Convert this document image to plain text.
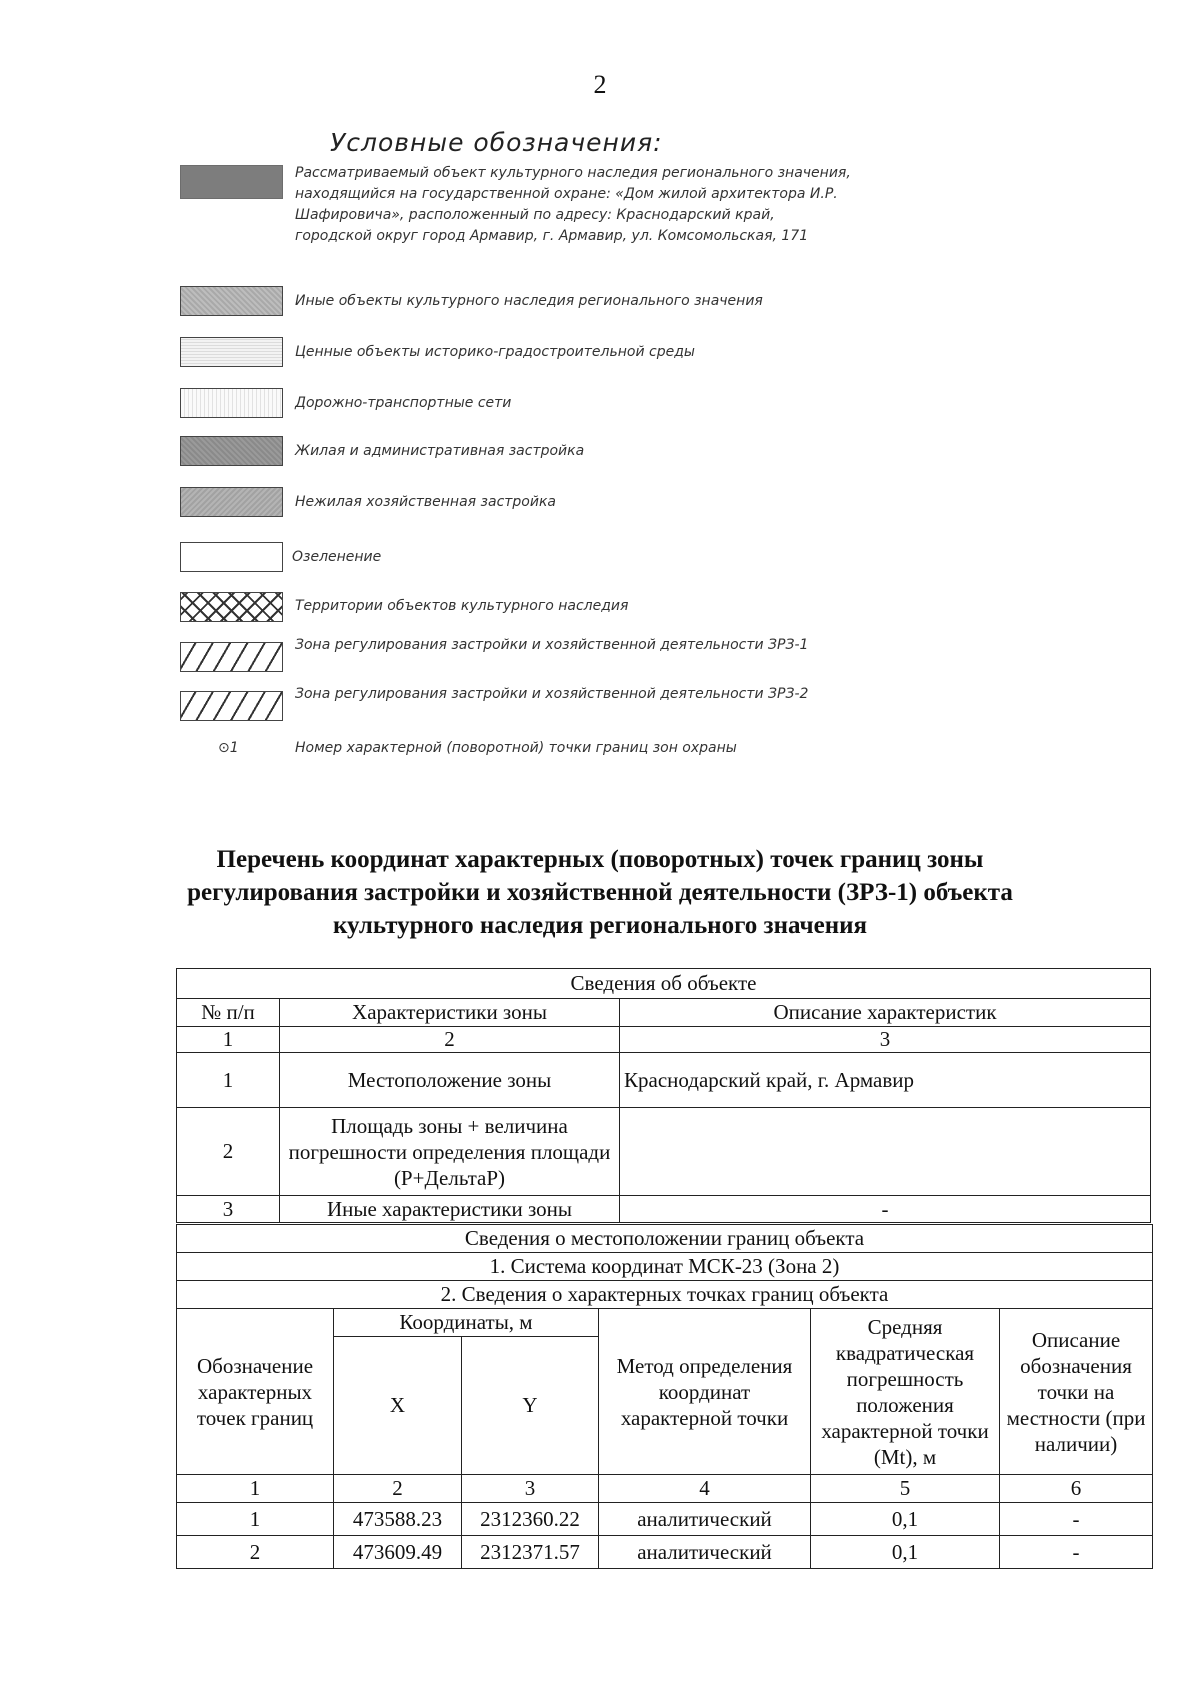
2
Условные обозначения:
Рассматриваемый объект культурного наследия регионального значения, находящийся на государственной охране: «Дом жилой архитектора И.Р. Шафировича», расположенный по адресу: Краснодарский край, городской округ город Армавир, г. Армавир, ул. Комсомольская, 171
Иные объекты культурного наследия регионального значения
Ценные объекты историко-градостроительной среды
Дорожно-транспортные сети
Жилая и административная застройка
Нежилая хозяйственная застройка
Озеленение
Территории объектов культурного наследия
Зона регулирования застройки и хозяйственной деятельности ЗРЗ-1
Зона регулирования застройки и хозяйственной деятельности ЗРЗ-2
⊙1	Номер характерной (поворотной) точки границ зон охраны
Перечень координат характерных (поворотных) точек границ зоны регулирования застройки и хозяйственной деятельности (ЗРЗ-1) объекта культурного наследия регионального значения
Сведения об объекте		
№ п/п	Характеристики зоны	Описание характеристик
1	2	3
1	Местоположение зоны	Краснодарский край, г. Армавир
2	Площадь зоны + величина погрешности определения площади (Р+ДельтаР)	
3	Иные характеристики зоны	-
Сведения о местоположении границ объекта					
1. Система координат МСК-23 (Зона 2)					
2. Сведения о характерных точках границ объекта					
Обозначение характерных точек границ	Координаты, м		Метод определения координат характерной точки	Средняя квадратическая погрешность положения характерной точки (Mt), м	Описание обозначения точки на местности (при наличии)
	X	Y			
1	2	3	4	5	6
1	473588.23	2312360.22	аналитический	0,1	-
2	473609.49	2312371.57	аналитический	0,1	-
